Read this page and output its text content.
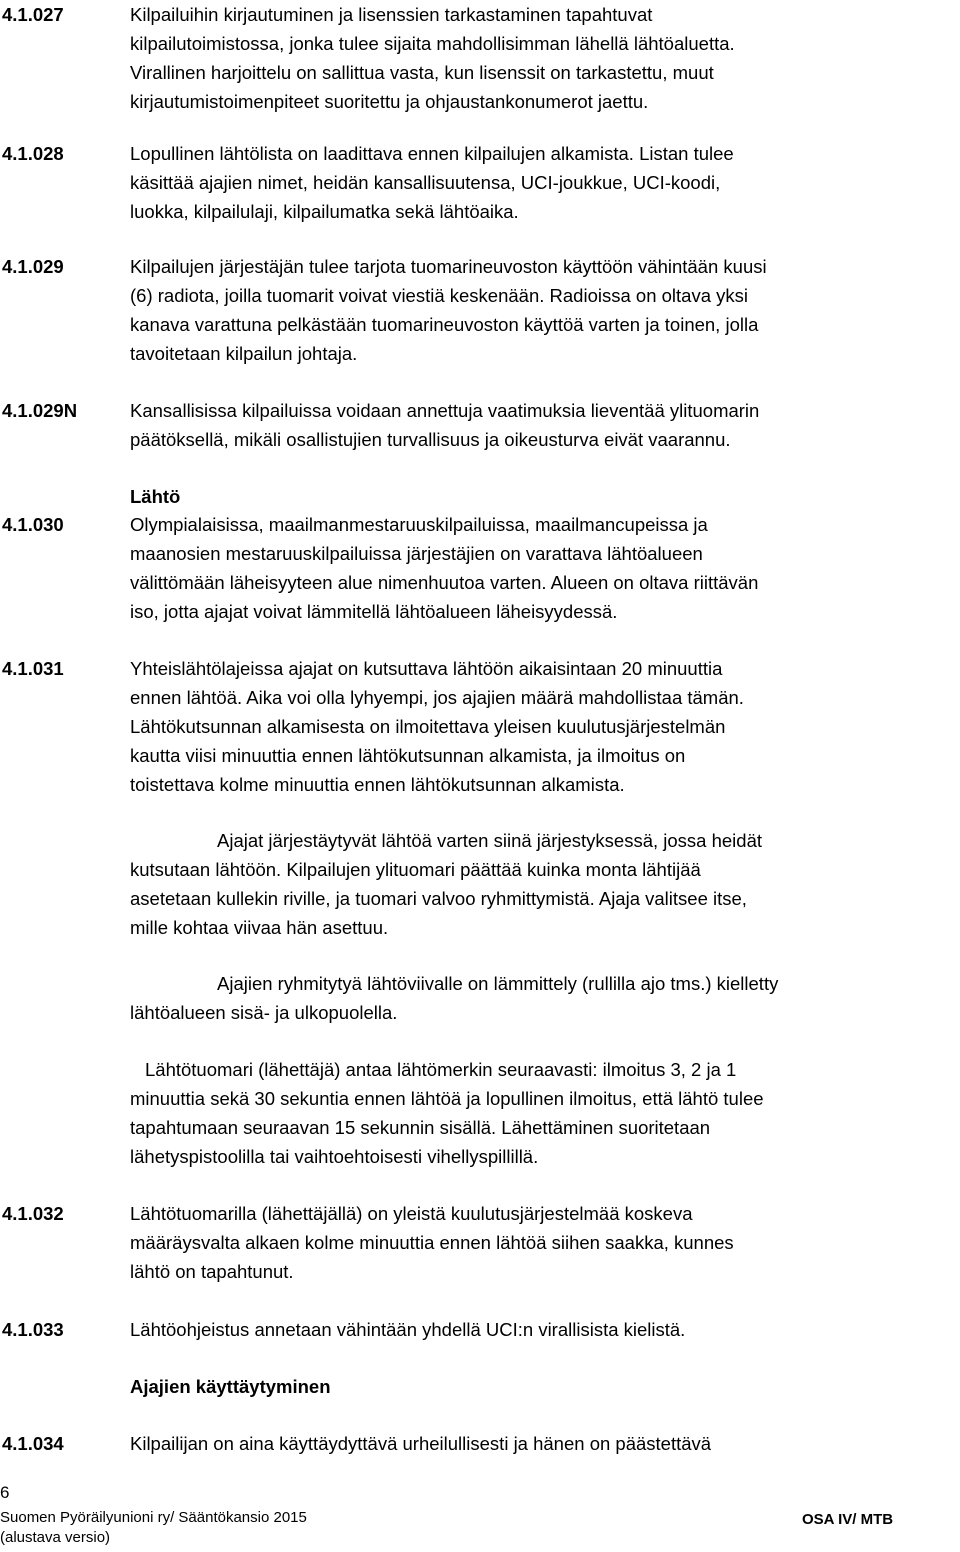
4.1.027	Kilpailuihin kirjautuminen ja lisenssien tarkastaminen tapahtuvat
kilpailutoimistossa, jonka tulee sijaita mahdollisimman lähellä lähtöaluetta.
Virallinen harjoittelu on sallittua vasta, kun lisenssit on tarkastettu, muut
kirjautumistoimenpiteet suoritettu ja ohjaustankonumerot jaettu.
4.1.028	Lopullinen lähtölista on laadittava ennen kilpailujen alkamista. Listan tulee
käsittää ajajien nimet, heidän kansallisuutensa, UCI-joukkue, UCI-koodi,
luokka, kilpailulaji, kilpailumatka sekä lähtöaika.
4.1.029	Kilpailujen järjestäjän tulee tarjota tuomarineuvoston käyttöön vähintään kuusi
(6) radiota, joilla tuomarit voivat viestiä keskenään. Radioissa on oltava yksi
kanava varattuna pelkästään tuomarineuvoston käyttöä varten ja toinen, jolla
tavoitetaan kilpailun johtaja.
4.1.029N	Kansallisissa kilpailuissa voidaan annettuja vaatimuksia lieventää ylituomarin
päätöksellä, mikäli osallistujien turvallisuus ja oikeusturva eivät vaarannu.
Lähtö
4.1.030	Olympialaisissa, maailmanmestaruuskilpailuissa, maailmancupeissa ja
maanosien mestaruuskilpailuissa järjestäjien on varattava lähtöalueen
välittömään läheisyyteen alue nimenhuutoa varten. Alueen on oltava riittävän
iso, jotta ajajat voivat lämmitellä lähtöalueen läheisyydessä.
4.1.031	Yhteislähtölajeissa ajajat on kutsuttava lähtöön aikaisintaan 20 minuuttia
ennen lähtöä. Aika voi olla lyhyempi, jos ajajien määrä mahdollistaa tämän.
Lähtökutsunnan alkamisesta on ilmoitettava yleisen kuulutusjärjestelmän
kautta viisi minuuttia ennen lähtökutsunnan alkamista, ja ilmoitus on
toistettava kolme minuuttia ennen lähtökutsunnan alkamista.
Ajajat järjestäytyvät lähtöä varten siinä järjestyksessä, jossa heidät
kutsutaan lähtöön. Kilpailujen ylituomari päättää kuinka monta lähtijää
asetetaan kullekin riville, ja tuomari valvoo ryhmittymistä. Ajaja valitsee itse,
mille kohtaa viivaa hän asettuu.
Ajajien ryhmitytyä lähtöviivalle on lämmittely (rullilla ajo tms.) kielletty
lähtöalueen sisä- ja ulkopuolella.
Lähtötuomari (lähettäjä) antaa lähtömerkin seuraavasti: ilmoitus 3, 2 ja 1
minuuttia sekä 30 sekuntia ennen lähtöä ja lopullinen ilmoitus, että lähtö tulee
tapahtumaan seuraavan 15 sekunnin sisällä. Lähettäminen suoritetaan
lähetyspistoolilla tai vaihtoehtoisesti vihellyspillillä.
4.1.032	Lähtötuomarilla (lähettäjällä) on yleistä kuulutusjärjestelmää koskeva
määräysvalta alkaen kolme minuuttia ennen lähtöä siihen saakka, kunnes
lähtö on tapahtunut.
4.1.033	Lähtöohjeistus annetaan vähintään yhdellä UCI:n virallisista kielistä.
Ajajien käyttäytyminen
4.1.034	Kilpailijan on aina käyttäydyttävä urheilullisesti ja hänen on päästettävä
6
Suomen Pyöräilyunioni ry/ Sääntökansio 2015
(alustava versio)
OSA IV/ MTB
